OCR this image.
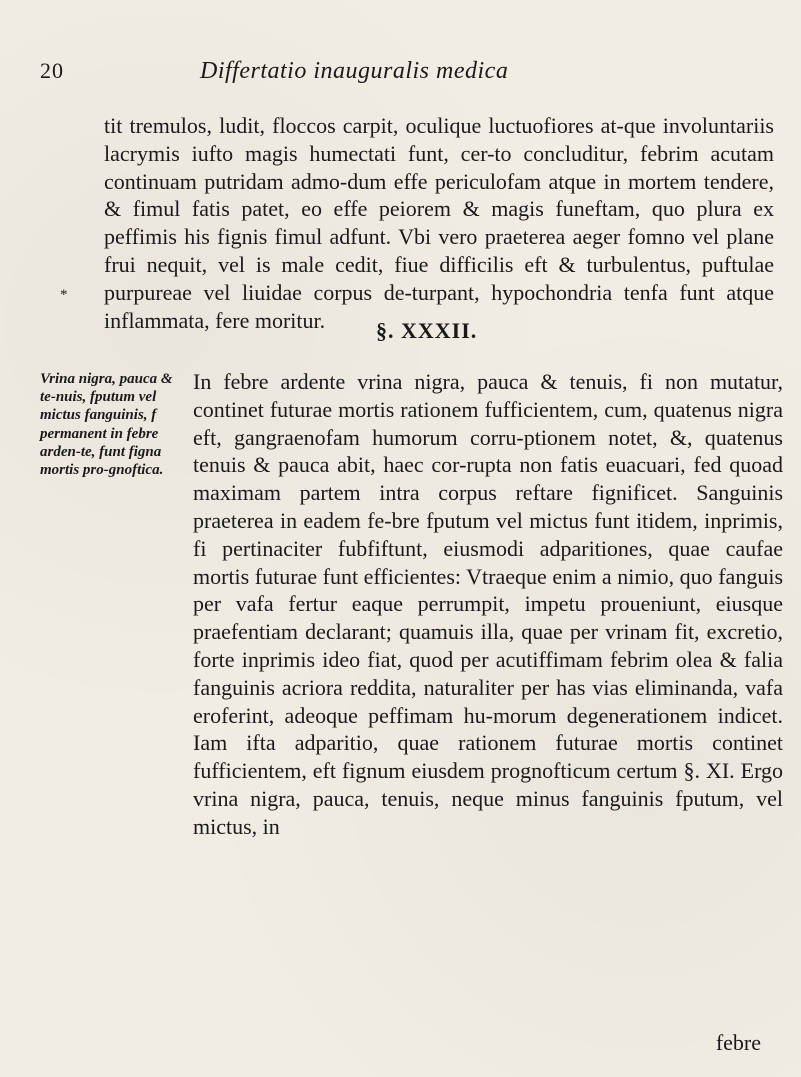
20	Differtatio inauguralis medica
*

tit tremulos, ludit, floccos carpit, oculique luctuofiores at-que involuntariis lacrymis iufto magis humectati funt, cer-to concluditur, febrim acutam continuam putridam admo-dum effe periculofam atque in mortem tendere, & fimul fatis patet, eo effe peiorem & magis funeftam, quo plura ex peffimis his fignis fimul adfunt. Vbi vero praeterea aeger fomno vel plane frui nequit, vel is male cedit, fiue difficilis eft & turbulentus, puftulae purpureae vel liuidae corpus de-turpant, hypochondria tenfa funt atque inflammata, fere moritur.	§. XXXII.
Vrina nigra, pauca & te-nuis, fputum vel mictus fanguinis, f permanent in febre arden-te, funt figna mortis pro-gnoftica.

In febre ardente vrina nigra, pauca & tenuis, fi non mutatur, continet futurae mortis rationem fufficientem, cum, quatenus nigra eft, gangraenofam humorum corru-ptionem notet, &, quatenus tenuis & pauca abit, haec cor-rupta non fatis euacuari, fed quoad maximam partem intra corpus reftare fignificet. Sanguinis praeterea in eadem fe-bre fputum vel mictus funt itidem, inprimis, fi pertinaciter fubfiftunt, eiusmodi adparitiones, quae caufae mortis futurae funt efficientes: Vtraeque enim a nimio, quo fanguis per vafa fertur eaque perrumpit, impetu proueniunt, eiusque praefentiam declarant; quamuis illa, quae per vrinam fit, excretio, forte inprimis ideo fiat, quod per acutiffimam febrim olea & falia fanguinis acriora reddita, naturaliter per has vias eliminanda, vafa eroferint, adeoque peffimam hu-morum degenerationem indicet. Iam ifta adparitio, quae rationem futurae mortis continet fufficientem, eft fignum eiusdem prognofticum certum §. XI. Ergo vrina nigra, pauca, tenuis, neque minus fanguinis fputum, vel mictus, in

febre
